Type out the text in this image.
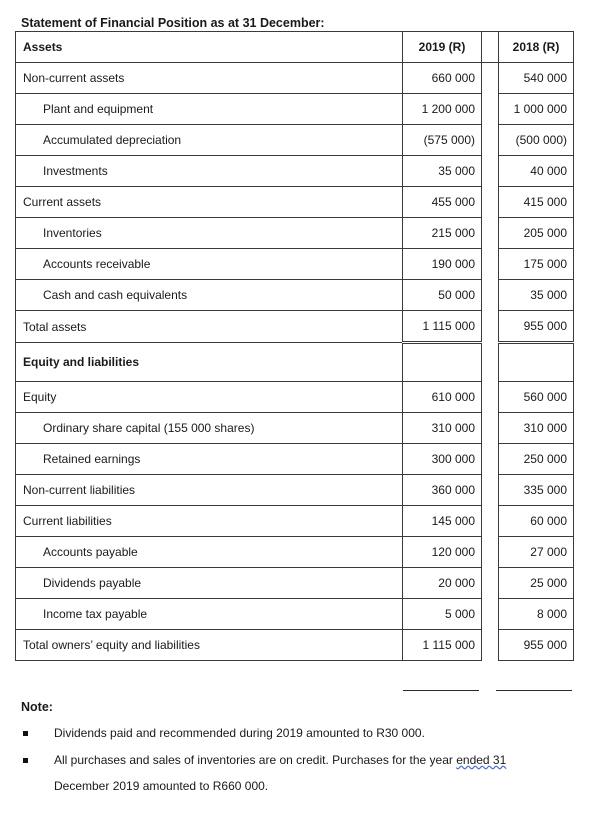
Statement of Financial Position as at 31 December:
Assets	2019 (R)		2018 (R)
Non-current assets	660 000		540 000
Plant and equipment	1 200 000		1 000 000
Accumulated depreciation	(575 000)		(500 000)
Investments	35 000		40 000
Current assets	455 000		415 000
Inventories	215 000		205 000
Accounts receivable	190 000		175 000
Cash and cash equivalents	50 000		35 000
Total assets	1 115 000		955 000
Equity and liabilities			
Equity	610 000		560 000
Ordinary share capital (155 000 shares)	310 000		310 000
Retained earnings	300 000		250 000
Non-current liabilities	360 000		335 000
Current liabilities	145 000		60 000
Accounts payable	120 000		27 000
Dividends payable	20 000		25 000
Income tax payable	5 000		8 000
Total owners’ equity and liabilities	1 115 000		955 000
Note:
Dividends paid and recommended during 2019 amounted to R30 000.
All purchases and sales of inventories are on credit. Purchases for the year ended 31
December 2019 amounted to R660 000.
